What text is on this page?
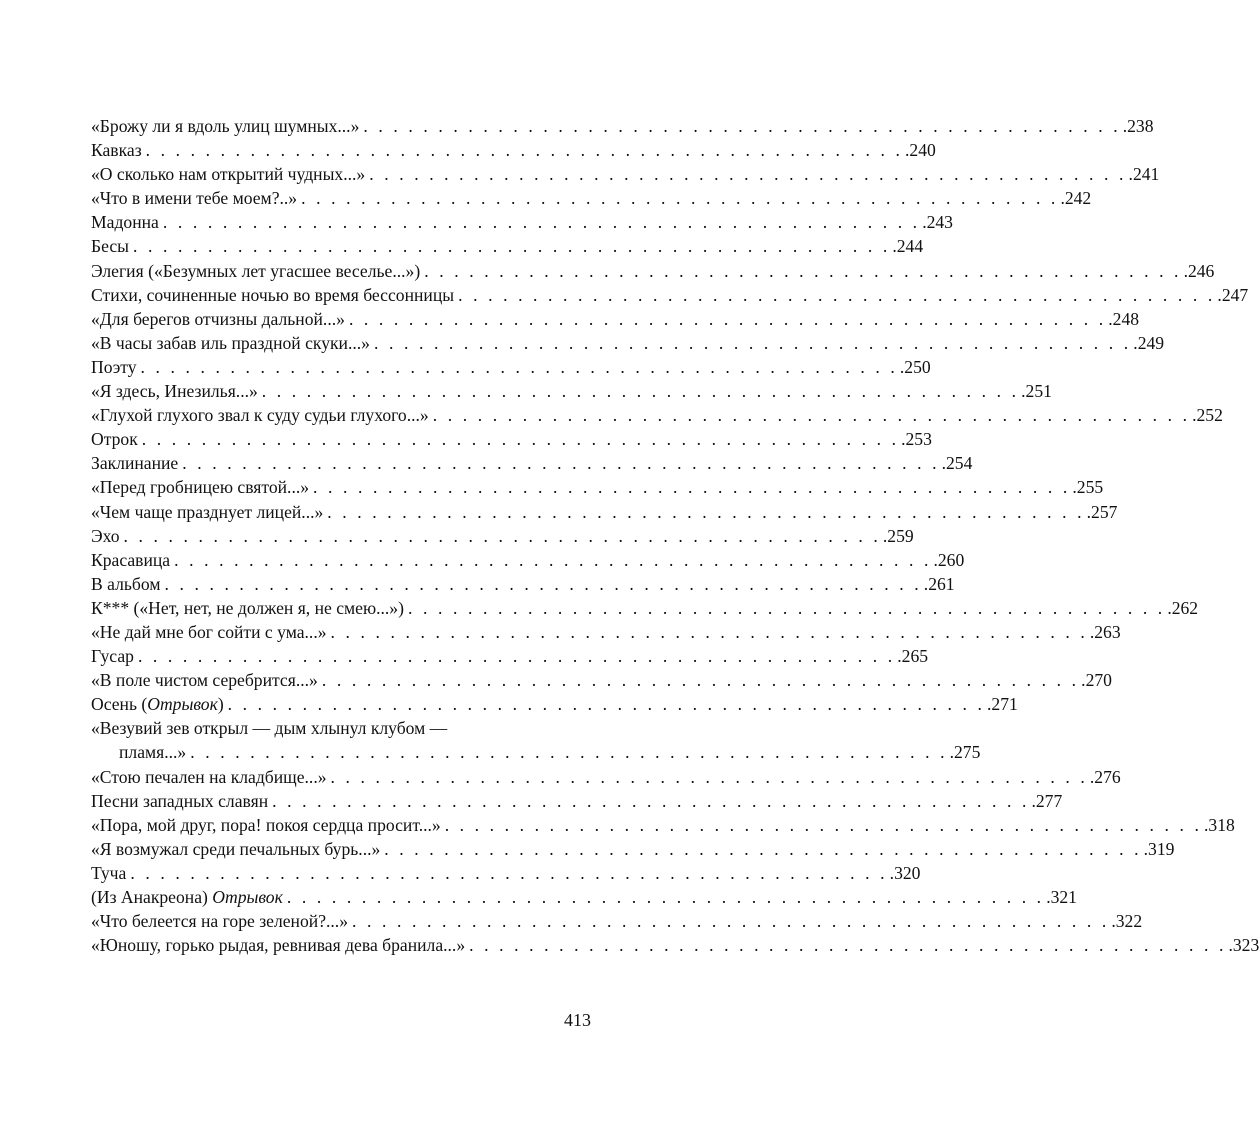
«Брожу ли я вдоль улиц шумных...» . . . . . . . . . . . . . . . . . . . . . . . . . . . . . . . . . . . . . . . . . . . . . . . . . . . .238
Кавказ . . . . . . . . . . . . . . . . . . . . . . . . . . . . . . . . . . . . . . . . . . . . . . . . . . . .240
«О сколько нам открытий чудных...» . . . . . . . . . . . . . . . . . . . . . . . . . . . . . . . . . . . . . . . . . . . . . . . . . . . .241
«Что в имени тебе моем?..» . . . . . . . . . . . . . . . . . . . . . . . . . . . . . . . . . . . . . . . . . . . . . . . . . . . .242
Мадонна . . . . . . . . . . . . . . . . . . . . . . . . . . . . . . . . . . . . . . . . . . . . . . . . . . . .243
Бесы . . . . . . . . . . . . . . . . . . . . . . . . . . . . . . . . . . . . . . . . . . . . . . . . . . . .244
Элегия («Безумных лет угасшее веселье...») . . . . . . . . . . . . . . . . . . . . . . . . . . . . . . . . . . . . . . . . . . . . . . . . . . . .246
Стихи, сочиненные ночью во время бессонницы . . . . . . . . . . . . . . . . . . . . . . . . . . . . . . . . . . . . . . . . . . . . . . . . . . . .247
«Для берегов отчизны дальной...» . . . . . . . . . . . . . . . . . . . . . . . . . . . . . . . . . . . . . . . . . . . . . . . . . . . .248
«В часы забав иль праздной скуки...» . . . . . . . . . . . . . . . . . . . . . . . . . . . . . . . . . . . . . . . . . . . . . . . . . . . .249
Поэту . . . . . . . . . . . . . . . . . . . . . . . . . . . . . . . . . . . . . . . . . . . . . . . . . . . .250
«Я здесь, Инезилья...» . . . . . . . . . . . . . . . . . . . . . . . . . . . . . . . . . . . . . . . . . . . . . . . . . . . .251
«Глухой глухого звал к суду судьи глухого...» . . . . . . . . . . . . . . . . . . . . . . . . . . . . . . . . . . . . . . . . . . . . . . . . . . . .252
Отрок . . . . . . . . . . . . . . . . . . . . . . . . . . . . . . . . . . . . . . . . . . . . . . . . . . . .253
Заклинание . . . . . . . . . . . . . . . . . . . . . . . . . . . . . . . . . . . . . . . . . . . . . . . . . . . .254
«Перед гробницею святой...» . . . . . . . . . . . . . . . . . . . . . . . . . . . . . . . . . . . . . . . . . . . . . . . . . . . .255
«Чем чаще празднует лицей...» . . . . . . . . . . . . . . . . . . . . . . . . . . . . . . . . . . . . . . . . . . . . . . . . . . . .257
Эхо . . . . . . . . . . . . . . . . . . . . . . . . . . . . . . . . . . . . . . . . . . . . . . . . . . . .259
Красавица . . . . . . . . . . . . . . . . . . . . . . . . . . . . . . . . . . . . . . . . . . . . . . . . . . . .260
В альбом . . . . . . . . . . . . . . . . . . . . . . . . . . . . . . . . . . . . . . . . . . . . . . . . . . . .261
К*** («Нет, нет, не должен я, не смею...») . . . . . . . . . . . . . . . . . . . . . . . . . . . . . . . . . . . . . . . . . . . . . . . . . . . .262
«Не дай мне бог сойти с ума...» . . . . . . . . . . . . . . . . . . . . . . . . . . . . . . . . . . . . . . . . . . . . . . . . . . . .263
Гусар . . . . . . . . . . . . . . . . . . . . . . . . . . . . . . . . . . . . . . . . . . . . . . . . . . . .265
«В поле чистом серебрится...» . . . . . . . . . . . . . . . . . . . . . . . . . . . . . . . . . . . . . . . . . . . . . . . . . . . .270
Осень (Отрывок) . . . . . . . . . . . . . . . . . . . . . . . . . . . . . . . . . . . . . . . . . . . . . . . . . . . .271
«Везувий зев открыл — дым хлынул клубом —
пламя...» . . . . . . . . . . . . . . . . . . . . . . . . . . . . . . . . . . . . . . . . . . . . . . . . . . . .275
«Стою печален на кладбище...» . . . . . . . . . . . . . . . . . . . . . . . . . . . . . . . . . . . . . . . . . . . . . . . . . . . .276
Песни западных славян . . . . . . . . . . . . . . . . . . . . . . . . . . . . . . . . . . . . . . . . . . . . . . . . . . . .277
«Пора, мой друг, пора! покоя сердца просит...» . . . . . . . . . . . . . . . . . . . . . . . . . . . . . . . . . . . . . . . . . . . . . . . . . . . .318
«Я возмужал среди печальных бурь...» . . . . . . . . . . . . . . . . . . . . . . . . . . . . . . . . . . . . . . . . . . . . . . . . . . . .319
Туча . . . . . . . . . . . . . . . . . . . . . . . . . . . . . . . . . . . . . . . . . . . . . . . . . . . .320
(Из Анакреона) Отрывок . . . . . . . . . . . . . . . . . . . . . . . . . . . . . . . . . . . . . . . . . . . . . . . . . . . .321
«Что белеется на горе зеленой?...» . . . . . . . . . . . . . . . . . . . . . . . . . . . . . . . . . . . . . . . . . . . . . . . . . . . .322
«Юношу, горько рыдая, ревнивая дева бранила...» . . . . . . . . . . . . . . . . . . . . . . . . . . . . . . . . . . . . . . . . . . . . . . . . . . . .323
413
